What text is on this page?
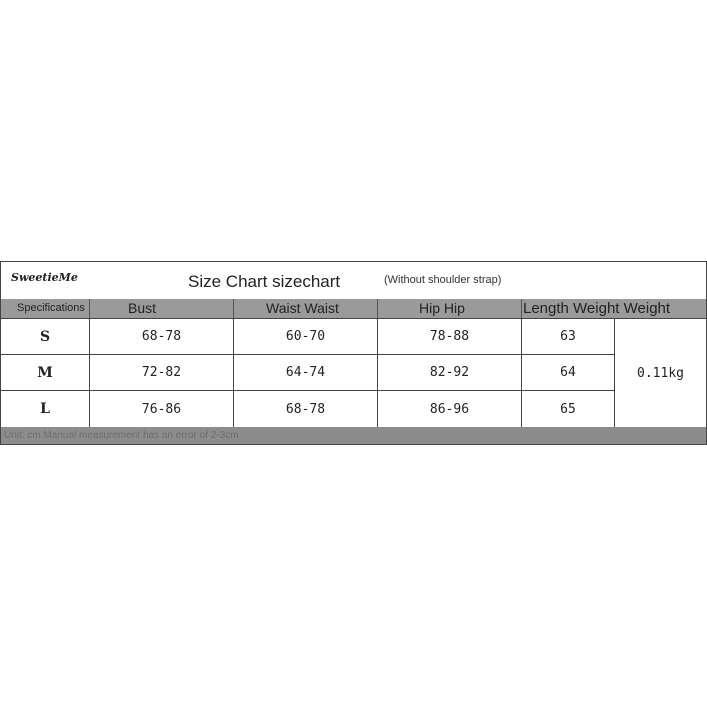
SweetieMe	Size Chart sizechart	(Without shoulder strap)
Specifications	Bust	Waist Waist	Hip Hip	Length Weight Weight
S	68-78	60-70	78-88	63
M	72-82	64-74	82-92	64
L	76-86	68-78	86-96	65
0.11kg
Unit: cm Manual measurement has an error of 2-3cm
